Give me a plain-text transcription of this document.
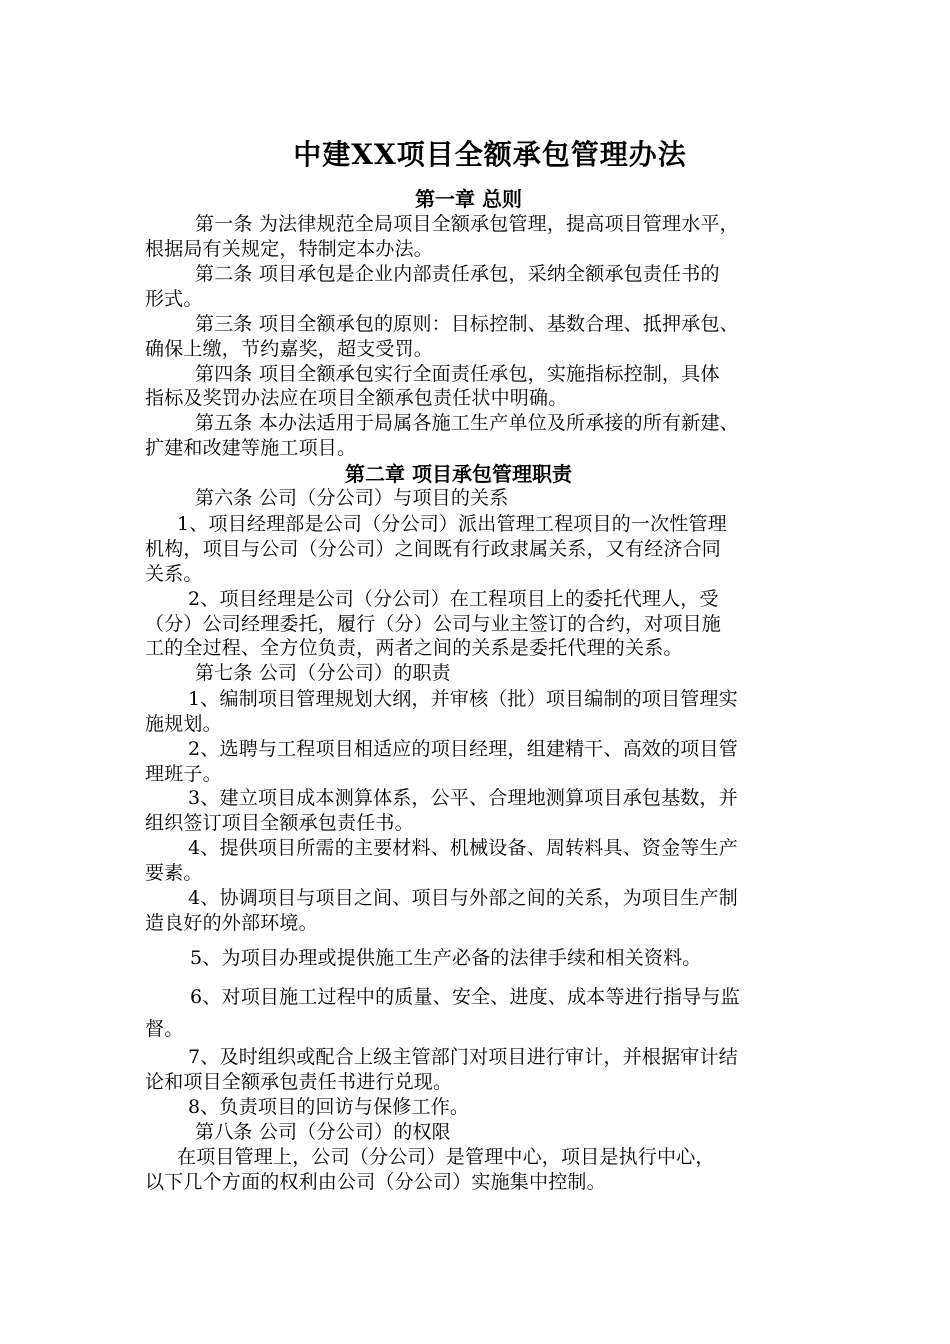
中建XX项目全额承包管理办法
第一章 总则
第一条 为法律规范全局项目全额承包管理，提高项目管理水平，
根据局有关规定，特制定本办法。
第二条 项目承包是企业内部责任承包，采纳全额承包责任书的
形式。
第三条 项目全额承包的原则：目标控制、基数合理、抵押承包、
确保上缴，节约嘉奖，超支受罚。
第四条 项目全额承包实行全面责任承包，实施指标控制，具体
指标及奖罚办法应在项目全额承包责任状中明确。
第五条 本办法适用于局属各施工生产单位及所承接的所有新建、
扩建和改建等施工项目。
第二章 项目承包管理职责
第六条 公司（分公司）与项目的关系
1、项目经理部是公司（分公司）派出管理工程项目的一次性管理
机构，项目与公司（分公司）之间既有行政隶属关系，又有经济合同
关系。
2、项目经理是公司（分公司）在工程项目上的委托代理人，受
（分）公司经理委托，履行（分）公司与业主签订的合约，对项目施
工的全过程、全方位负责，两者之间的关系是委托代理的关系。
第七条 公司（分公司）的职责
1、编制项目管理规划大纲，并审核（批）项目编制的项目管理实
施规划。
2、选聘与工程项目相适应的项目经理，组建精干、高效的项目管
理班子。
3、建立项目成本测算体系，公平、合理地测算项目承包基数，并
组织签订项目全额承包责任书。
4、提供项目所需的主要材料、机械设备、周转料具、资金等生产
要素。
4、协调项目与项目之间、项目与外部之间的关系，为项目生产制
造良好的外部环境。
5、为项目办理或提供施工生产必备的法律手续和相关资料。
6、对项目施工过程中的质量、安全、进度、成本等进行指导与监
督。
7、及时组织或配合上级主管部门对项目进行审计，并根据审计结
论和项目全额承包责任书进行兑现。
8、负责项目的回访与保修工作。
第八条 公司（分公司）的权限
在项目管理上，公司（分公司）是管理中心，项目是执行中心，
以下几个方面的权利由公司（分公司）实施集中控制。
